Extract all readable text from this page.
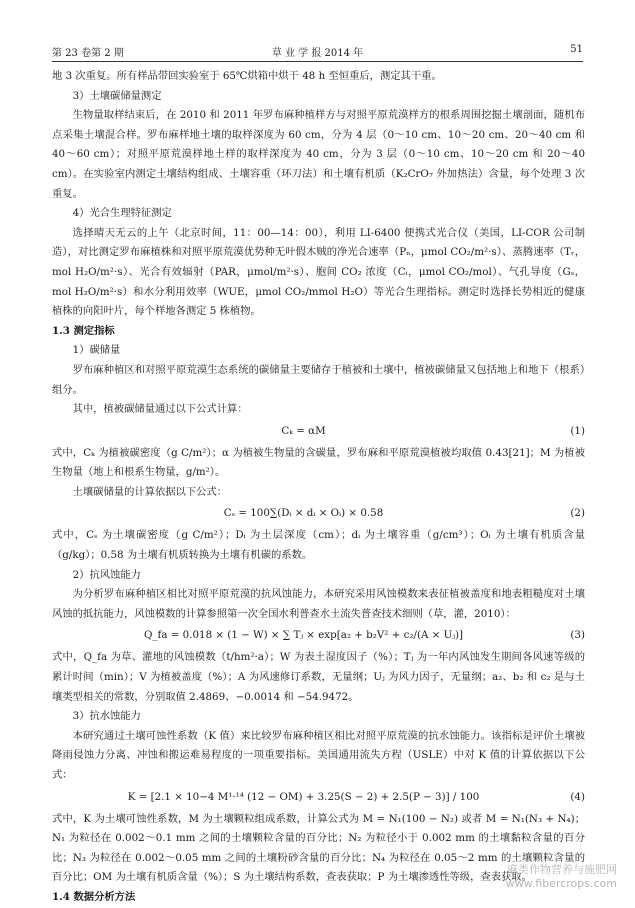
第 23 卷第 2 期	草 业 学 报 2014 年	51

地 3 次重复。所有样品带回实验室于 65℃烘箱中烘干 48 h 至恒重后，测定其干重。

3）土壤碳储量测定

生物量取样结束后，在 2010 和 2011 年罗布麻种植样方与对照平原荒漠样方的根系周围挖掘土壤剖面，随机布点采集土壤混合样。罗布麻样地土壤的取样深度为 60 cm，分为 4 层（0～10 cm、10～20 cm、20～40 cm 和 40～60 cm）；对照平原荒漠样地土样的取样深度为 40 cm，分为 3 层（0～10 cm、10～20 cm 和 20～40 cm）。在实验室内测定土壤结构组成、土壤容重（环刀法）和土壤有机质（K₂CrO₇ 外加热法）含量，每个处理 3 次重复。

4）光合生理特征测定

选择晴天无云的上午（北京时间，11：00—14：00），利用 LI-6400 便携式光合仪（美国，LI-COR 公司制造），对比测定罗布麻植株和对照平原荒漠优势种无叶假木贼的净光合速率（Pₙ，μmol CO₂/m²·s）、蒸腾速率（Tᵣ，mol H₂O/m²·s）、光合有效辐射（PAR，μmol/m²·s）、胞间 CO₂ 浓度（Cᵢ，μmol CO₂/mol）、气孔导度（Gₛ，mol H₂O/m²·s）和水分利用效率（WUE，μmol CO₂/mmol H₂O）等光合生理指标。测定时选择长势相近的健康植株的向阳叶片，每个样地各测定 5 株植物。

1.3 测定指标

1）碳储量

罗布麻种植区和对照平原荒漠生态系统的碳储量主要储存于植被和土壤中，植被碳储量又包括地上和地下（根系）组分。

其中，植被碳储量通过以下公式计算：

Cₖ = αM	(1)

式中，Cₖ 为植被碳密度（g C/m²）；α 为植被生物量的含碳量，罗布麻和平原荒漠植被均取值 0.43[21]；M 为植被生物量（地上和根系生物量，g/m²）。

土壤碳储量的计算依据以下公式：

Cₛ = 100∑(Dᵢ × dᵢ × Oᵢ) × 0.58	(2)

式中，Cₛ 为土壤碳密度（g C/m²）；Dᵢ 为土层深度（cm）；dᵢ 为土壤容重（g/cm³）；Oᵢ 为土壤有机质含量（g/kg）；0.58 为土壤有机质转换为土壤有机碳的系数。

2）抗风蚀能力

为分析罗布麻种植区相比对照平原荒漠的抗风蚀能力，本研究采用风蚀模数来表征植被盖度和地表粗糙度对土壤风蚀的抵抗能力，风蚀模数的计算参照第一次全国水利普查水土流失普查技术细则（草，灌，2010）：

Q_fa = 0.018 × (1 − W) × ∑ Tⱼ × exp[a₂ + b₂V² + c₂/(A × Uⱼ)]	(3)

式中，Q_fa 为草、灌地的风蚀模数（t/hm²·a）；W 为表土湿度因子（%）；Tⱼ 为一年内风蚀发生期间各风速等级的累计时间（min）；V 为植被盖度（%）；A 为风速修订系数，无量纲；Uⱼ 为风力因子，无量纲；a₂、b₂ 和 c₂ 是与土壤类型相关的常数，分别取值 2.4869、−0.0014 和 −54.9472。

3）抗水蚀能力

本研究通过土壤可蚀性系数（K 值）来比较罗布麻种植区相比对照平原荒漠的抗水蚀能力。该指标是评价土壤被降雨侵蚀力分离、冲蚀和搬运难易程度的一项重要指标。美国通用流失方程（USLE）中对 K 值的计算依据以下公式：

K = [2.1 × 10−4 M¹·¹⁴ (12 − OM) + 3.25(S − 2) + 2.5(P − 3)] / 100	(4)

式中，K 为土壤可蚀性系数，M 为土壤颗粒组成系数，计算公式为 M = N₁(100 − N₂) 或者 M = N₁(N₃ + N₄)；N₁ 为粒径在 0.002～0.1 mm 之间的土壤颗粒含量的百分比；N₂ 为粒径小于 0.002 mm 的土壤黏粒含量的百分比；N₃ 为粒径在 0.002～0.05 mm 之间的土壤粉砂含量的百分比；N₄ 为粒径在 0.05～2 mm 的土壤颗粒含量的百分比；OM 为土壤有机质含量（%）；S 为土壤结构系数，查表获取；P 为土壤渗透性等级，查表获取。

1.4 数据分析方法

麻类作物营养与施肥网
www.fibercrops.com
